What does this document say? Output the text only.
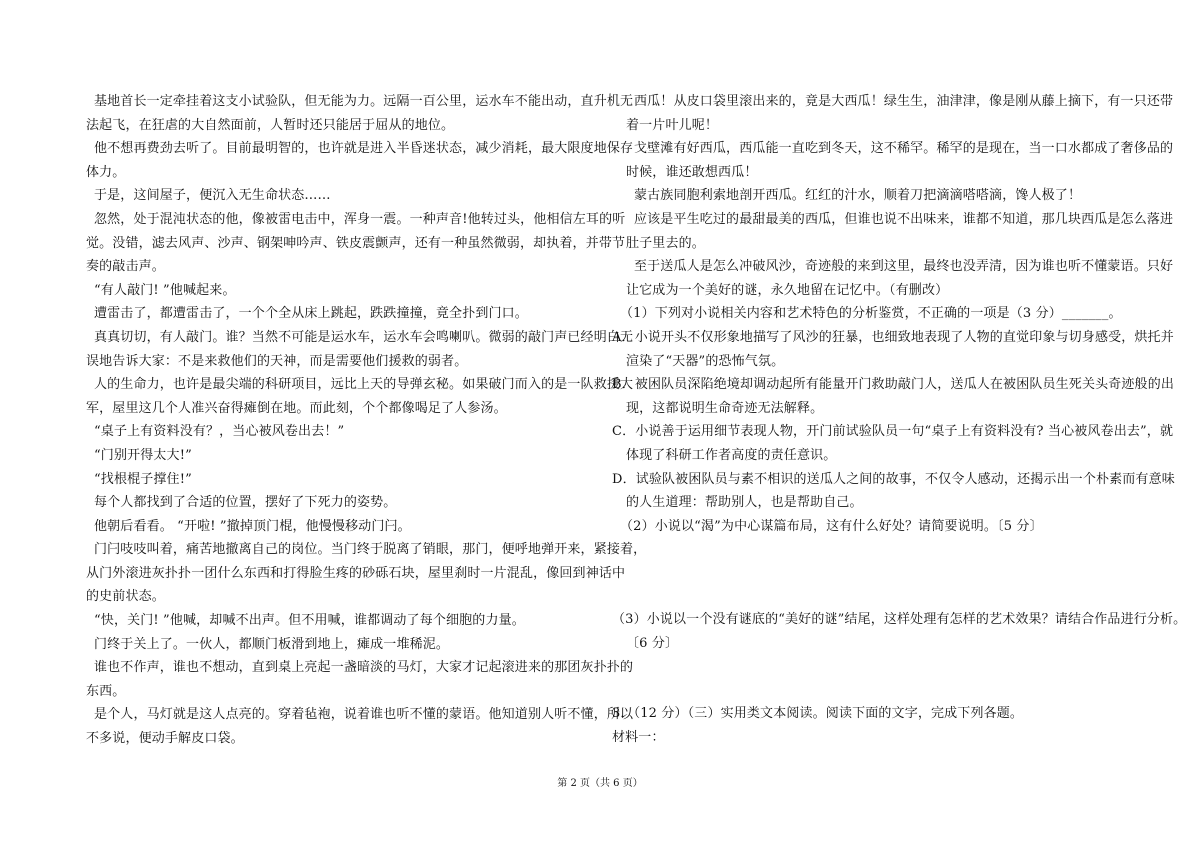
基地首长一定牵挂着这支小试验队，但无能为力。远隔一百公里，运水车不能出动，直升机无
法起飞，在狂虐的大自然面前，人暂时还只能居于屈从的地位。
他不想再费劲去听了。目前最明智的，也许就是进入半昏迷状态，减少消耗，最大限度地保存
体力。
于是，这间屋子，便沉入无生命状态……
忽然，处于混沌状态的他，像被雷电击中，浑身一震。一种声音!他转过头，他相信左耳的听
觉。没错，滤去风声、沙声、钢架呻吟声、铁皮震颤声，还有一种虽然微弱，却执着，并带节
奏的敲击声。
“有人敲门! ”他喊起来。
遭雷击了，都遭雷击了，一个个全从床上跳起，跌跌撞撞，竟全扑到门口。
真真切切，有人敲门。谁？当然不可能是运水车，运水车会鸣喇叭。微弱的敲门声已经明白无
误地告诉大家：不是来救他们的天神，而是需要他们援救的弱者。
人的生命力，也许是最尖端的科研项目，远比上天的导弹玄秘。如果破门而入的是一队救援大
军，屋里这几个人准兴奋得瘫倒在地。而此刻，个个都像喝足了人参汤。
“桌子上有资料没有？，当心被风卷出去！”
“门别开得太大!”
“找根棍子撑住!”
每个人都找到了合适的位置，摆好了下死力的姿势。
他朝后看看。 “开啦! ”撤掉顶门棍，他慢慢移动门闩。
门闩吱吱叫着，痛苦地撤离自己的岗位。当门终于脱离了销眼，那门，便呼地弹开来，紧接着，
从门外滚进灰扑扑一团什么东西和打得脸生疼的砂砾石块，屋里刹时一片混乱，像回到神话中
的史前状态。
“快，关门! ”他喊，却喊不出声。但不用喊，谁都调动了每个细胞的力量。
门终于关上了。一伙人，都顺门板滑到地上，瘫成一堆稀泥。
谁也不作声，谁也不想动，直到桌上亮起一盏暗淡的马灯，大家才记起滚进来的那团灰扑扑的
东西。
是个人，马灯就是这人点亮的。穿着毡袍，说着谁也听不懂的蒙语。他知道别人听不懂，所以
不多说，便动手解皮口袋。
西瓜！从皮口袋里滚出来的，竟是大西瓜！绿生生，油津津，像是刚从藤上摘下，有一只还带
着一片叶儿呢！
戈壁滩有好西瓜，西瓜能一直吃到冬天，这不稀罕。稀罕的是现在，当一口水都成了奢侈品的
时候，谁还敢想西瓜！
蒙古族同胞利索地剖开西瓜。红红的汁水，顺着刀把滴滴嗒嗒滴，馋人极了！
应该是平生吃过的最甜最美的西瓜，但谁也说不出味来，谁都不知道，那几块西瓜是怎么落进
肚子里去的。
至于送瓜人是怎么冲破风沙，奇迹般的来到这里，最终也没弄清，因为谁也听不懂蒙语。只好
让它成为一个美好的谜，永久地留在记忆中。（有删改）
（1）下列对小说相关内容和艺术特色的分析鉴赏，不正确的一项是（3 分）_______。
A．小说开头不仅形象地描写了风沙的狂暴，也细致地表现了人物的直觉印象与切身感受，烘托并
渲染了“天器”的恐怖气氛。
B．被困队员深陷绝境却调动起所有能量开门救助敲门人，送瓜人在被困队员生死关头奇迹般的出
现，这都说明生命奇迹无法解释。
C．小说善于运用细节表现人物，开门前试验队员一句“桌子上有资料没有? 当心被风卷出去”，就
体现了科研工作者高度的责任意识。
D．试验队被困队员与素不相识的送瓜人之间的故事，不仅令人感动，还揭示出一个朴素而有意味
的人生道理：帮助别人，也是帮助自己。
（2）小说以“渴”为中心谋篇布局，这有什么好处？请简要说明。〔5 分〕
（3）小说以一个没有谜底的“美好的谜”结尾，这样处理有怎样的艺术效果？请结合作品进行分析。
〔6 分〕
3．（12 分）（三）实用类文本阅读。阅读下面的文字，完成下列各题。
材料一：
第 2 页（共 6 页）
